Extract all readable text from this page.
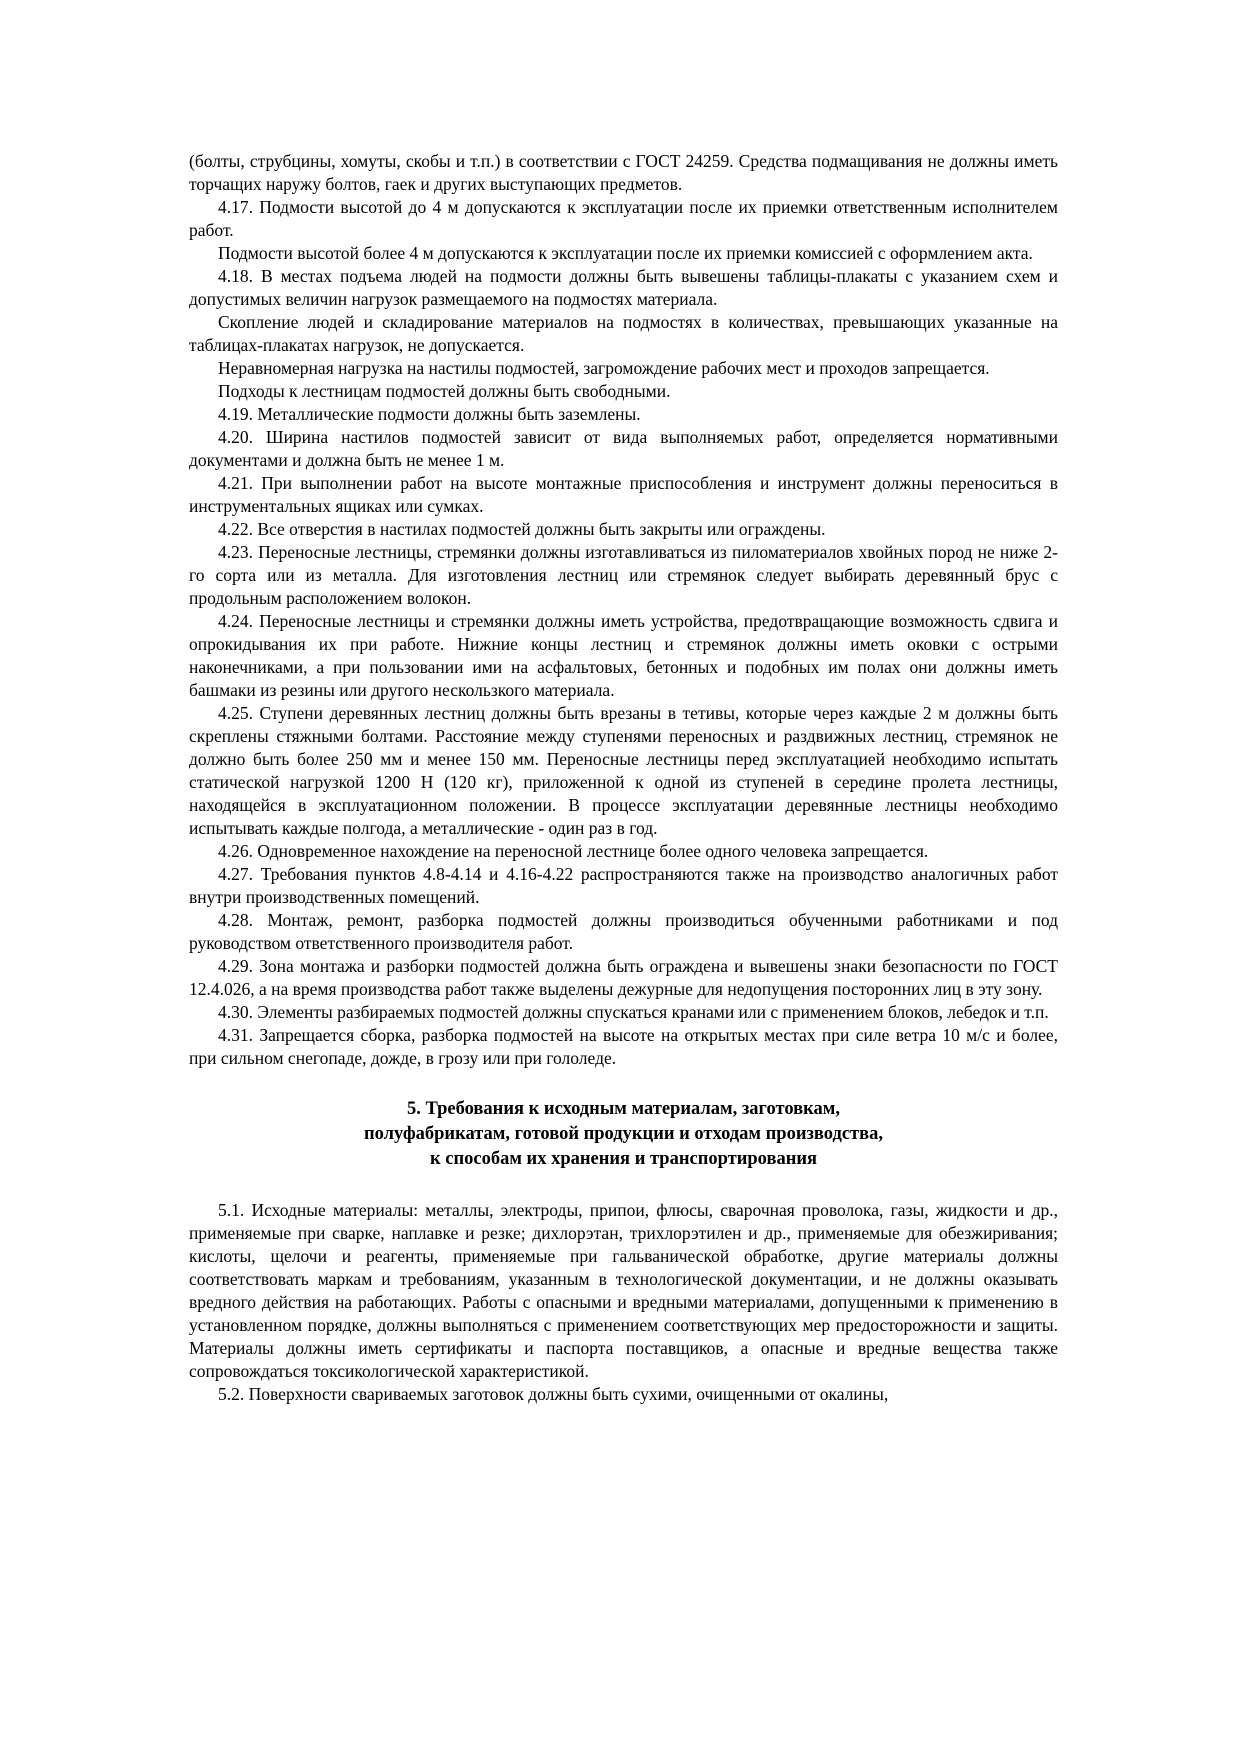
(болты, струбцины, хомуты, скобы и т.п.) в соответствии с ГОСТ 24259. Средства подмащивания не должны иметь торчащих наружу болтов, гаек и других выступающих предметов.

4.17. Подмости высотой до 4 м допускаются к эксплуатации после их приемки ответственным исполнителем работ.

Подмости высотой более 4 м допускаются к эксплуатации после их приемки комиссией с оформлением акта.

4.18. В местах подъема людей на подмости должны быть вывешены таблицы-плакаты с указанием схем и допустимых величин нагрузок размещаемого на подмостях материала.

Скопление людей и складирование материалов на подмостях в количествах, превышающих указанные на таблицах-плакатах нагрузок, не допускается.

Неравномерная нагрузка на настилы подмостей, загромождение рабочих мест и проходов запрещается.

Подходы к лестницам подмостей должны быть свободными.

4.19. Металлические подмости должны быть заземлены.

4.20. Ширина настилов подмостей зависит от вида выполняемых работ, определяется нормативными документами и должна быть не менее 1 м.

4.21. При выполнении работ на высоте монтажные приспособления и инструмент должны переноситься в инструментальных ящиках или сумках.

4.22. Все отверстия в настилах подмостей должны быть закрыты или ограждены.

4.23. Переносные лестницы, стремянки должны изготавливаться из пиломатериалов хвойных пород не ниже 2-го сорта или из металла. Для изготовления лестниц или стремянок следует выбирать деревянный брус с продольным расположением волокон.

4.24. Переносные лестницы и стремянки должны иметь устройства, предотвращающие возможность сдвига и опрокидывания их при работе. Нижние концы лестниц и стремянок должны иметь оковки с острыми наконечниками, а при пользовании ими на асфальтовых, бетонных и подобных им полах они должны иметь башмаки из резины или другого нескользкого материала.

4.25. Ступени деревянных лестниц должны быть врезаны в тетивы, которые через каждые 2 м должны быть скреплены стяжными болтами. Расстояние между ступенями переносных и раздвижных лестниц, стремянок не должно быть более 250 мм и менее 150 мм. Переносные лестницы перед эксплуатацией необходимо испытать статической нагрузкой 1200 Н (120 кг), приложенной к одной из ступеней в середине пролета лестницы, находящейся в эксплуатационном положении. В процессе эксплуатации деревянные лестницы необходимо испытывать каждые полгода, а металлические - один раз в год.

4.26. Одновременное нахождение на переносной лестнице более одного человека запрещается.

4.27. Требования пунктов 4.8-4.14 и 4.16-4.22 распространяются также на производство аналогичных работ внутри производственных помещений.

4.28. Монтаж, ремонт, разборка подмостей должны производиться обученными работниками и под руководством ответственного производителя работ.

4.29. Зона монтажа и разборки подмостей должна быть ограждена и вывешены знаки безопасности по ГОСТ 12.4.026, а на время производства работ также выделены дежурные для недопущения посторонних лиц в эту зону.

4.30. Элементы разбираемых подмостей должны спускаться кранами или с применением блоков, лебедок и т.п.

4.31. Запрещается сборка, разборка подмостей на высоте на открытых местах при силе ветра 10 м/с и более, при сильном снегопаде, дожде, в грозу или при гололеде.

5. Требования к исходным материалам, заготовкам,
полуфабрикатам, готовой продукции и отходам производства,
к способам их хранения и транспортирования

5.1. Исходные материалы: металлы, электроды, припои, флюсы, сварочная проволока, газы, жидкости и др., применяемые при сварке, наплавке и резке; дихлорэтан, трихлорэтилен и др., применяемые для обезжиривания; кислоты, щелочи и реагенты, применяемые при гальванической обработке, другие материалы должны соответствовать маркам и требованиям, указанным в технологической документации, и не должны оказывать вредного действия на работающих. Работы с опасными и вредными материалами, допущенными к применению в установленном порядке, должны выполняться с применением соответствующих мер предосторожности и защиты. Материалы должны иметь сертификаты и паспорта поставщиков, а опасные и вредные вещества также сопровождаться токсикологической характеристикой.

5.2. Поверхности свариваемых заготовок должны быть сухими, очищенными от окалины,
